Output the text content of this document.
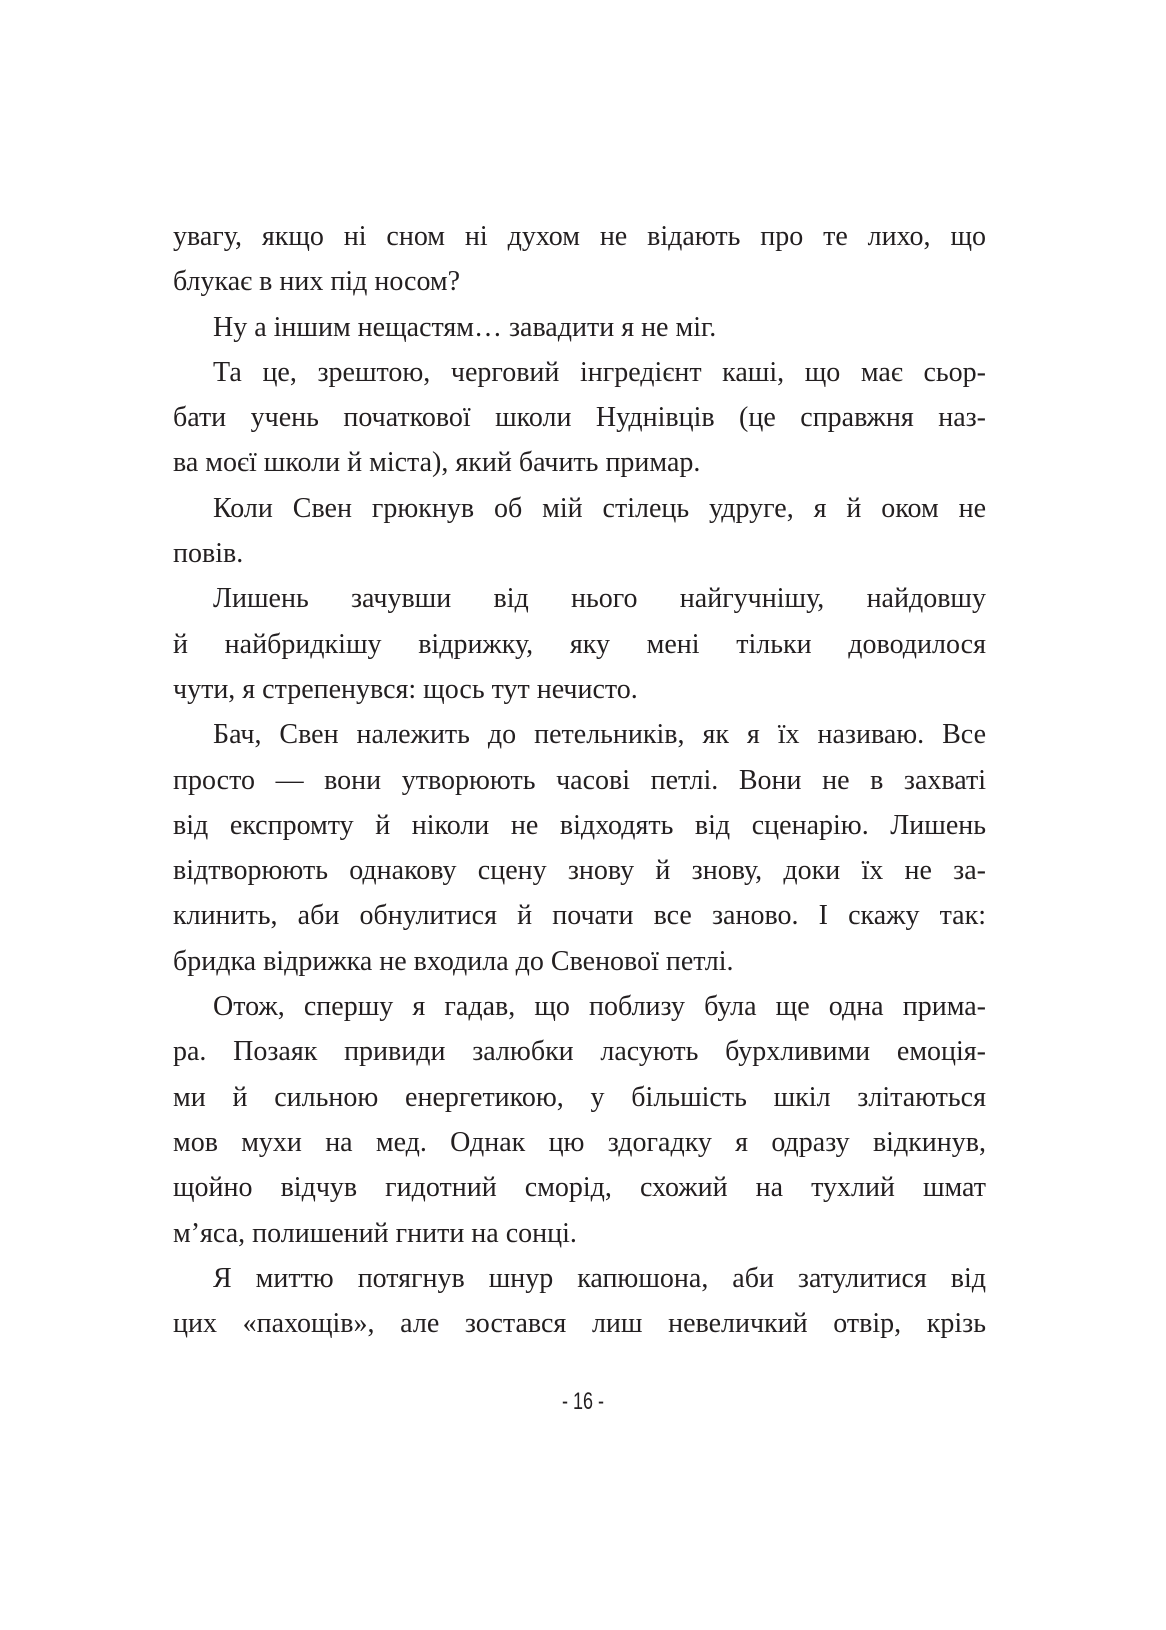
увагу, якщо ні сном ні духом не відають про те лихо, що
блукає в них під носом?
Ну а іншим нещастям… завадити я не міг.
Та це, зрештою, черговий інгредієнт каші, що має сьор-
бати учень початкової школи Нуднівців (це справжня наз-
ва моєї школи й міста), який бачить примар.
Коли Свен грюкнув об мій стілець удруге, я й оком не
повів.
Лишень зачувши від нього найгучнішу, найдовшу
й найбридкішу відрижку, яку мені тільки доводилося
чути, я стрепенувся: щось тут нечисто.
Бач, Свен належить до петельників, як я їх називаю. Все
просто — вони утворюють часові петлі. Вони не в захваті
від експромту й ніколи не відходять від сценарію. Лишень
відтворюють однакову сцену знову й знову, доки їх не за-
клинить, аби обнулитися й почати все заново. І скажу так:
бридка відрижка не входила до Свенової петлі.
Отож, спершу я гадав, що поблизу була ще одна прима-
ра. Позаяк привиди залюбки ласують бурхливими емоція-
ми й сильною енергетикою, у більшість шкіл злітаються
мов мухи на мед. Однак цю здогадку я одразу відкинув,
щойно відчув гидотний сморід, схожий на тухлий шмат
м’яса, полишений гнити на сонці.
Я миттю потягнув шнур капюшона, аби затулитися від
цих «пахощів», але зостався лиш невеличкий отвір, крізь
- 16 -
